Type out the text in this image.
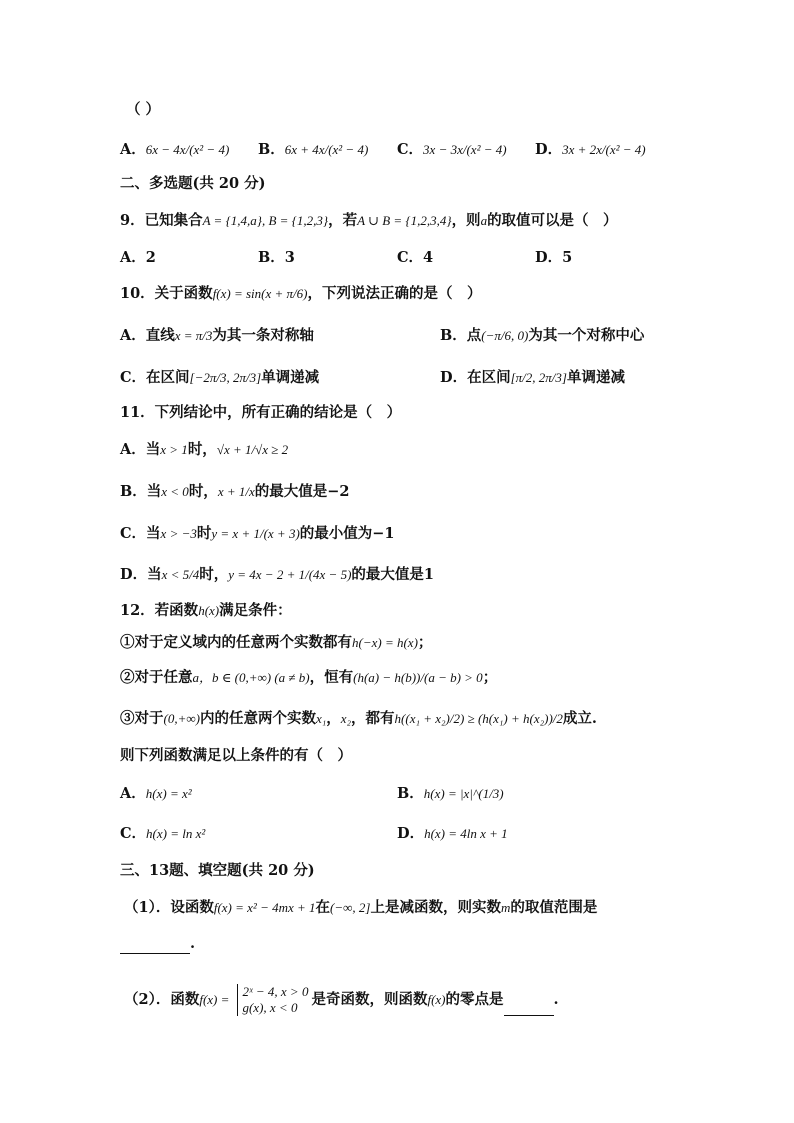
（ ）
A．6x − 4x/(x² − 4) B．6x + 4x/(x² − 4) C．3x − 3x/(x² − 4) D．3x + 2x/(x² − 4)
二、多选题(共 20 分)
9．已知集合A = {1,4,a}, B = {1,2,3}，若A ∪ B = {1,2,3,4}，则a的取值可以是（　）
A．2	B．3	C．4	D．5
10．关于函数f(x) = sin(x + π/6)，下列说法正确的是（　）
A．直线x = π/3为其一条对称轴	B．点(−π/6, 0)为其一个对称中心
C．在区间[−2π/3, 2π/3]单调递减	D．在区间[π/2, 2π/3]单调递减
11．下列结论中，所有正确的结论是（　）
A．当x > 1时，√x + 1/√x ≥ 2
B．当x < 0时，x + 1/x的最大值是−2
C．当x > −3时y = x + 1/(x + 3)的最小值为−1
D．当x < 5/4时，y = 4x − 2 + 1/(4x − 5)的最大值是1
12．若函数h(x)满足条件：
①对于定义域内的任意两个实数都有h(−x) = h(x)；
②对于任意a，b ∈ (0,+∞) (a ≠ b)，恒有(h(a) − h(b))/(a − b) > 0；
③对于(0,+∞)内的任意两个实数x₁，x₂，都有h((x₁ + x₂)/2) ≥ (h(x₁) + h(x₂))/2成立.
则下列函数满足以上条件的有（　）
A．h(x) = x²	B．h(x) = |x|^(1/3)
C．h(x) = ln x²	D．h(x) = 4ln x + 1
三、13题、填空题(共 20 分)
（1）．设函数f(x) = x² − 4mx + 1在(−∞, 2]上是减函数，则实数m的取值范围是
.
（2）．函数f(x) =
2ˣ − 4, x > 0
g(x), x < 0 是奇函数，则函数f(x)的零点是	.
